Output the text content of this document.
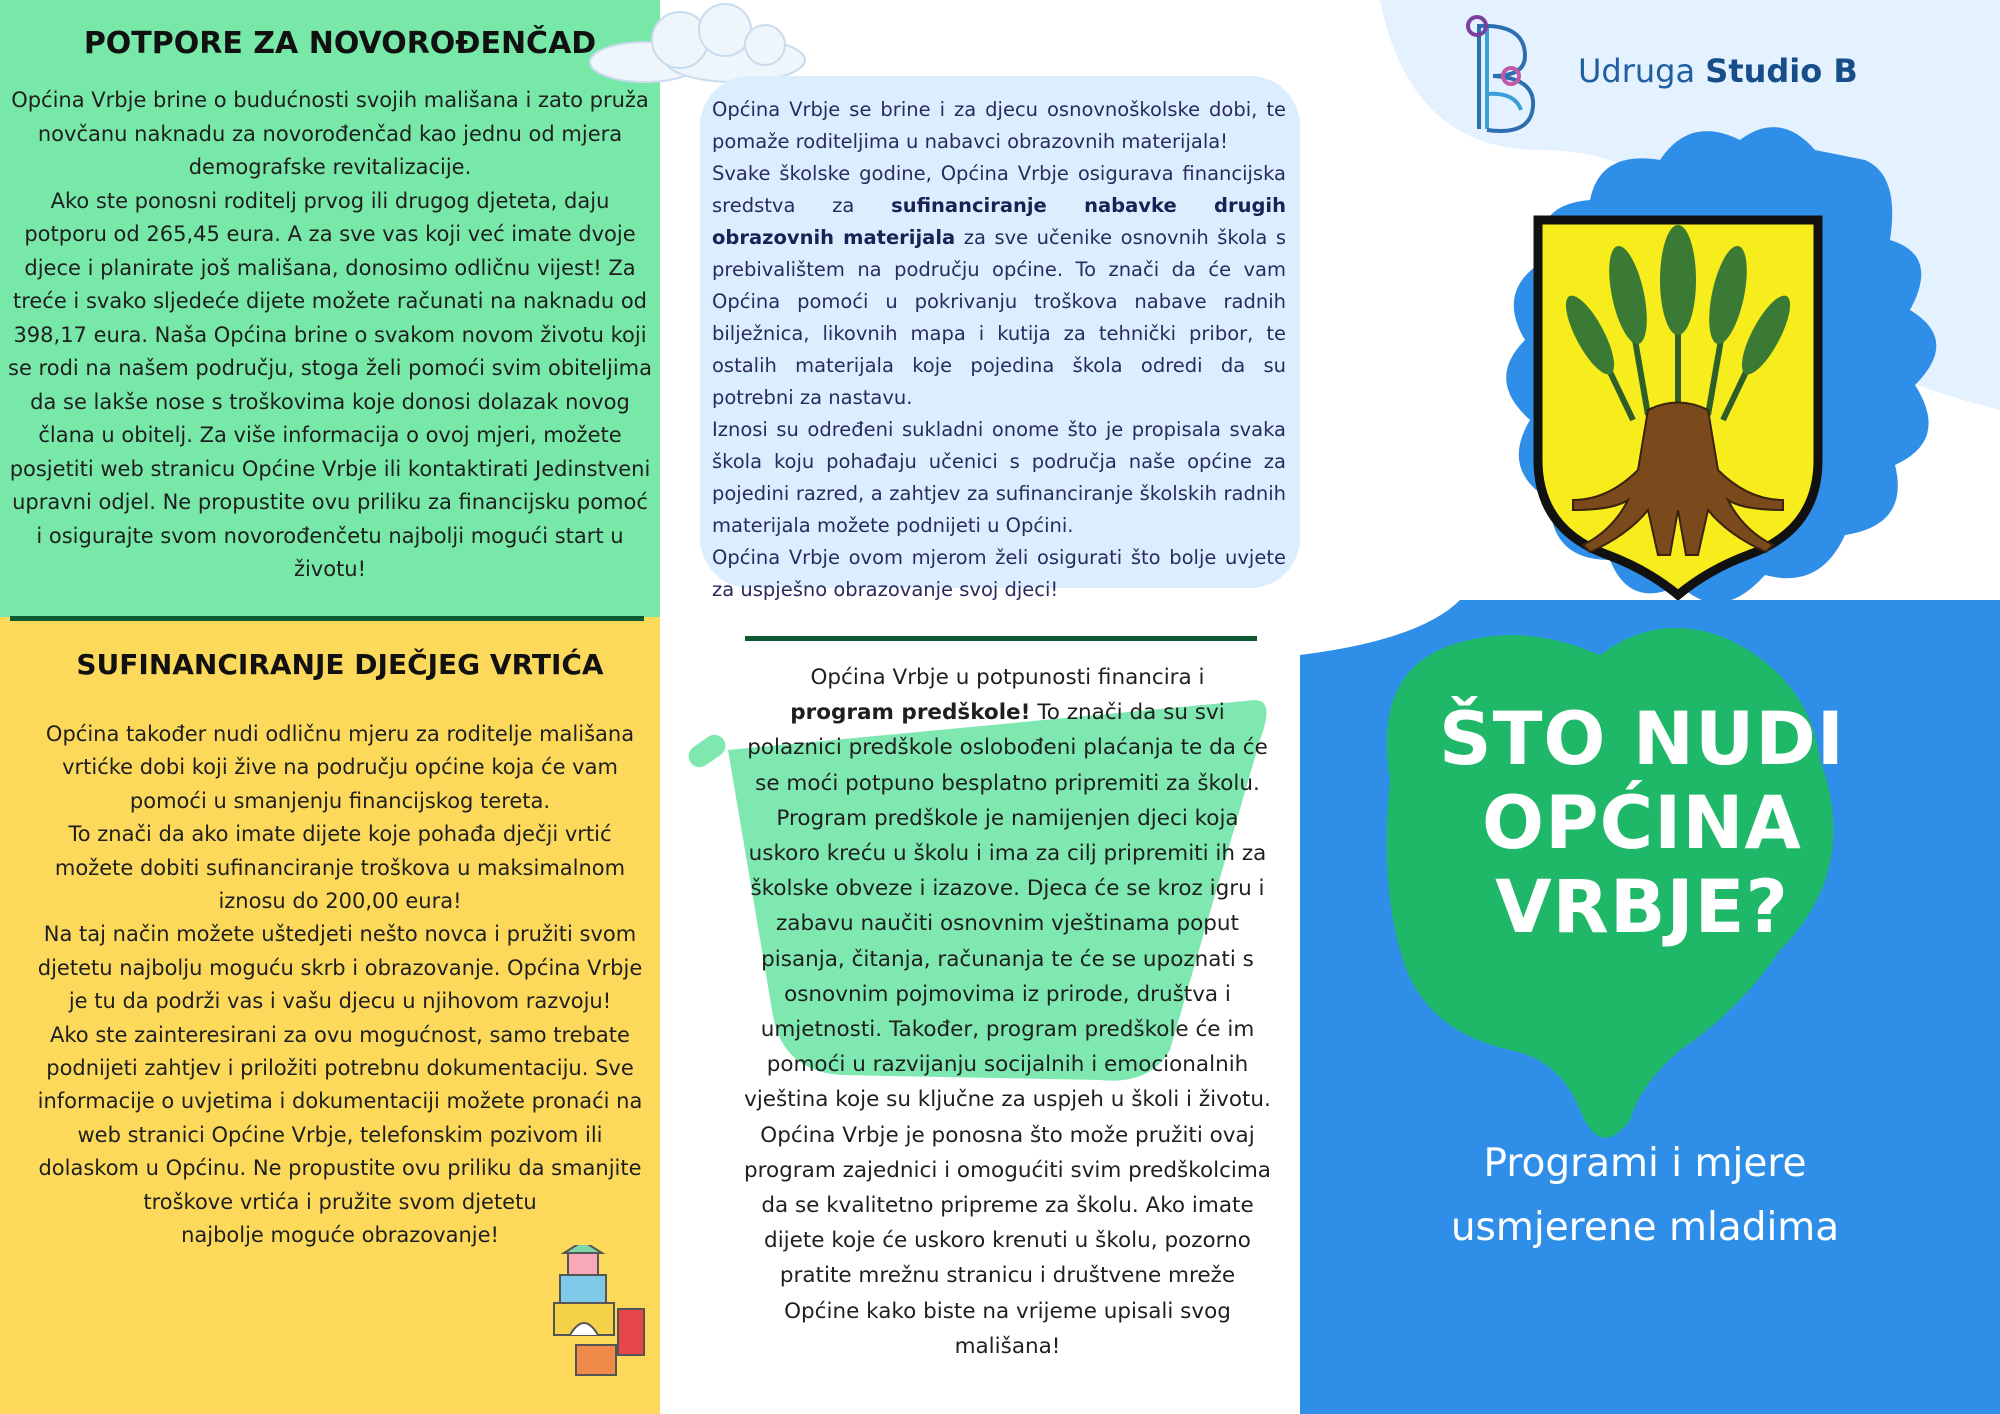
POTPORE ZA NOVOROĐENČAD

Općina Vrbje brine o budućnosti svojih mališana i zato pruža novčanu naknadu za novorođenčad kao jednu od mjera demografske revitalizacije.
Ako ste ponosni roditelj prvog ili drugog djeteta, daju potporu od 265,45 eura. A za sve vas koji već imate dvoje djece i planirate još mališana, donosimo odličnu vijest! Za treće i svako sljedeće dijete možete računati na naknadu od 398,17 eura. Naša Općina brine o svakom novom životu koji se rodi na našem području, stoga želi pomoći svim obiteljima da se lakše nose s troškovima koje donosi dolazak novog člana u obitelj. Za više informacija o ovoj mjeri, možete posjetiti web stranicu Općine Vrbje ili kontaktirati Jedinstveni upravni odjel. Ne propustite ovu priliku za financijsku pomoć i osigurajte svom novorođenčetu najbolji mogući start u životu!

SUFINANCIRANJE DJEČJEG VRTIĆA

Općina također nudi odličnu mjeru za roditelje mališana vrtićke dobi koji žive na području općine koja će vam pomoći u smanjenju financijskog tereta.
To znači da ako imate dijete koje pohađa dječji vrtić možete dobiti sufinanciranje troškova u maksimalnom iznosu do 200,00 eura!
Na taj način možete uštedjeti nešto novca i pružiti svom djetetu najbolju moguću skrb i obrazovanje. Općina Vrbje je tu da podrži vas i vašu djecu u njihovom razvoju!
Ako ste zainteresirani za ovu mogućnost, samo trebate podnijeti zahtjev i priložiti potrebnu dokumentaciju. Sve informacije o uvjetima i dokumentaciji možete pronaći na web stranici Općine Vrbje, telefonskim pozivom ili dolaskom u Općinu. Ne propustite ovu priliku da smanjite troškove vrtića i pružite svom djetetu
najbolje moguće obrazovanje!

Općina Vrbje se brine i za djecu osnovnoškolske dobi, te pomaže roditeljima u nabavci obrazovnih materijala!

Svake školske godine, Općina Vrbje osigurava financijska sredstva za sufinanciranje nabavke drugih obrazovnih materijala za sve učenike osnovnih škola s prebivalištem na području općine. To znači da će vam Općina pomoći u pokrivanju troškova nabave radnih bilježnica, likovnih mapa i kutija za tehnički pribor, te ostalih materijala koje pojedina škola odredi da su potrebni za nastavu.

Iznosi su određeni sukladni onome što je propisala svaka škola koju pohađaju učenici s područja naše općine za pojedini razred, a zahtjev za sufinanciranje školskih radnih materijala možete podnijeti u Općini.

Općina Vrbje ovom mjerom želi osigurati što bolje uvjete za uspješno obrazovanje svoj djeci!

Općina Vrbje u potpunosti financira i
program predškole! To znači da su svi polaznici predškole oslobođeni plaćanja te da će se moći potpuno besplatno pripremiti za školu. Program predškole je namijenjen djeci koja uskoro kreću u školu i ima za cilj pripremiti ih za školske obveze i izazove. Djeca će se kroz igru i zabavu naučiti osnovnim vještinama poput pisanja, čitanja, računanja te će se upoznati s osnovnim pojmovima iz prirode, društva i umjetnosti. Također, program predškole će im pomoći u razvijanju socijalnih i emocionalnih vještina koje su ključne za uspjeh u školi i životu. Općina Vrbje je ponosna što može pružiti ovaj program zajednici i omogućiti svim predškolcima da se kvalitetno pripreme za školu. Ako imate dijete koje će uskoro krenuti u školu, pozorno pratite mrežnu stranicu i društvene mreže Općine kako biste na vrijeme upisali svog mališana!
Udruga Studio B
ŠTO NUDI OPĆINA VRBJE?

Programi i mjere
usmjerene mladima
